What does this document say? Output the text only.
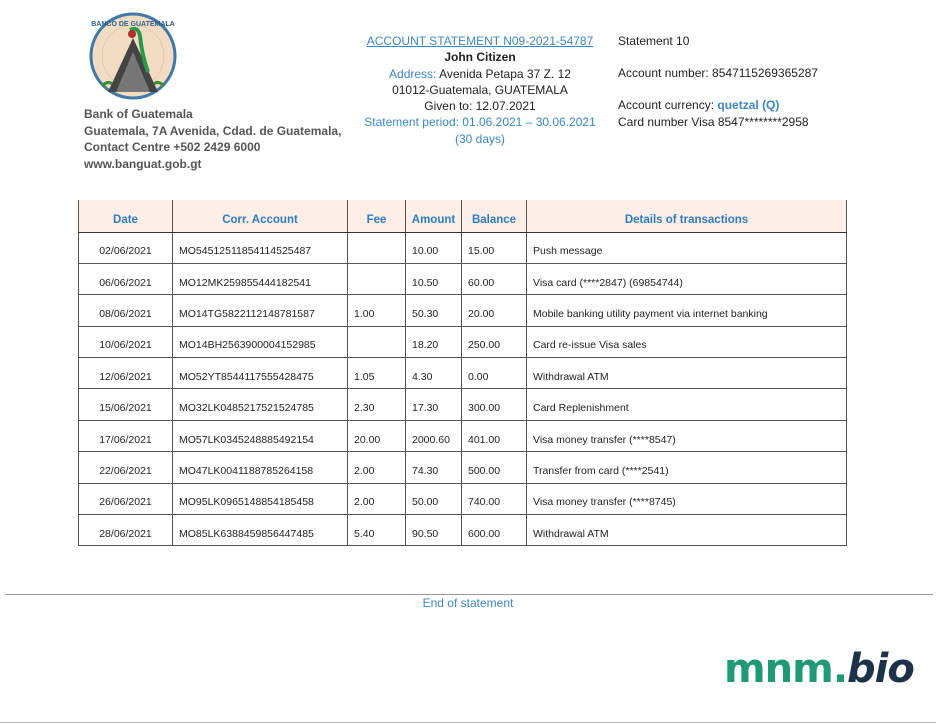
BANCO DE GUATEMALA
Bank of Guatemala
Guatemala, 7A Avenida, Cdad. de Guatemala,
Contact Centre +502 2429 6000
www.banguat.gob.gt
ACCOUNT STATEMENT N09-2021-54787
John Citizen
Address: Avenida Petapa 37 Z. 12
01012-Guatemala, GUATEMALA
Given to: 12.07.2021
Statement period: 01.06.2021 – 30.06.2021
(30 days)
Statement 10
Account number: 8547115269365287
Account currency: quetzal (Q)
Card number Visa 8547********2958
Date	Corr. Account	Fee	Amount	Balance	Details of transactions
02/06/2021	MO54512511854114525487		10.00	15.00	Push message
06/06/2021	MO12MK259855444182541		10.50	60.00	Visa card (****2847) (69854744)
08/06/2021	MO14TG5822112148781587	1.00	50.30	20.00	Mobile banking utility payment via internet banking
10/06/2021	MO14BH2563900004152985		18.20	250.00	Card re-issue Visa sales
12/06/2021	MO52YT8544117555428475	1.05	4.30	0.00	Withdrawal ATM
15/06/2021	MO32LK0485217521524785	2.30	17.30	300.00	Card Replenishment
17/06/2021	MO57LK0345248885492154	20.00	2000.60	401.00	Visa money transfer (****8547)
22/06/2021	MO47LK0041188785264158	2.00	74.30	500.00	Transfer from card (****2541)
26/06/2021	MO95LK0965148854185458	2.00	50.00	740.00	Visa money transfer (****8745)
28/06/2021	MO85LK6388459856447485	5.40	90.50	600.00	Withdrawal ATM
End of statement
mnm.bio
